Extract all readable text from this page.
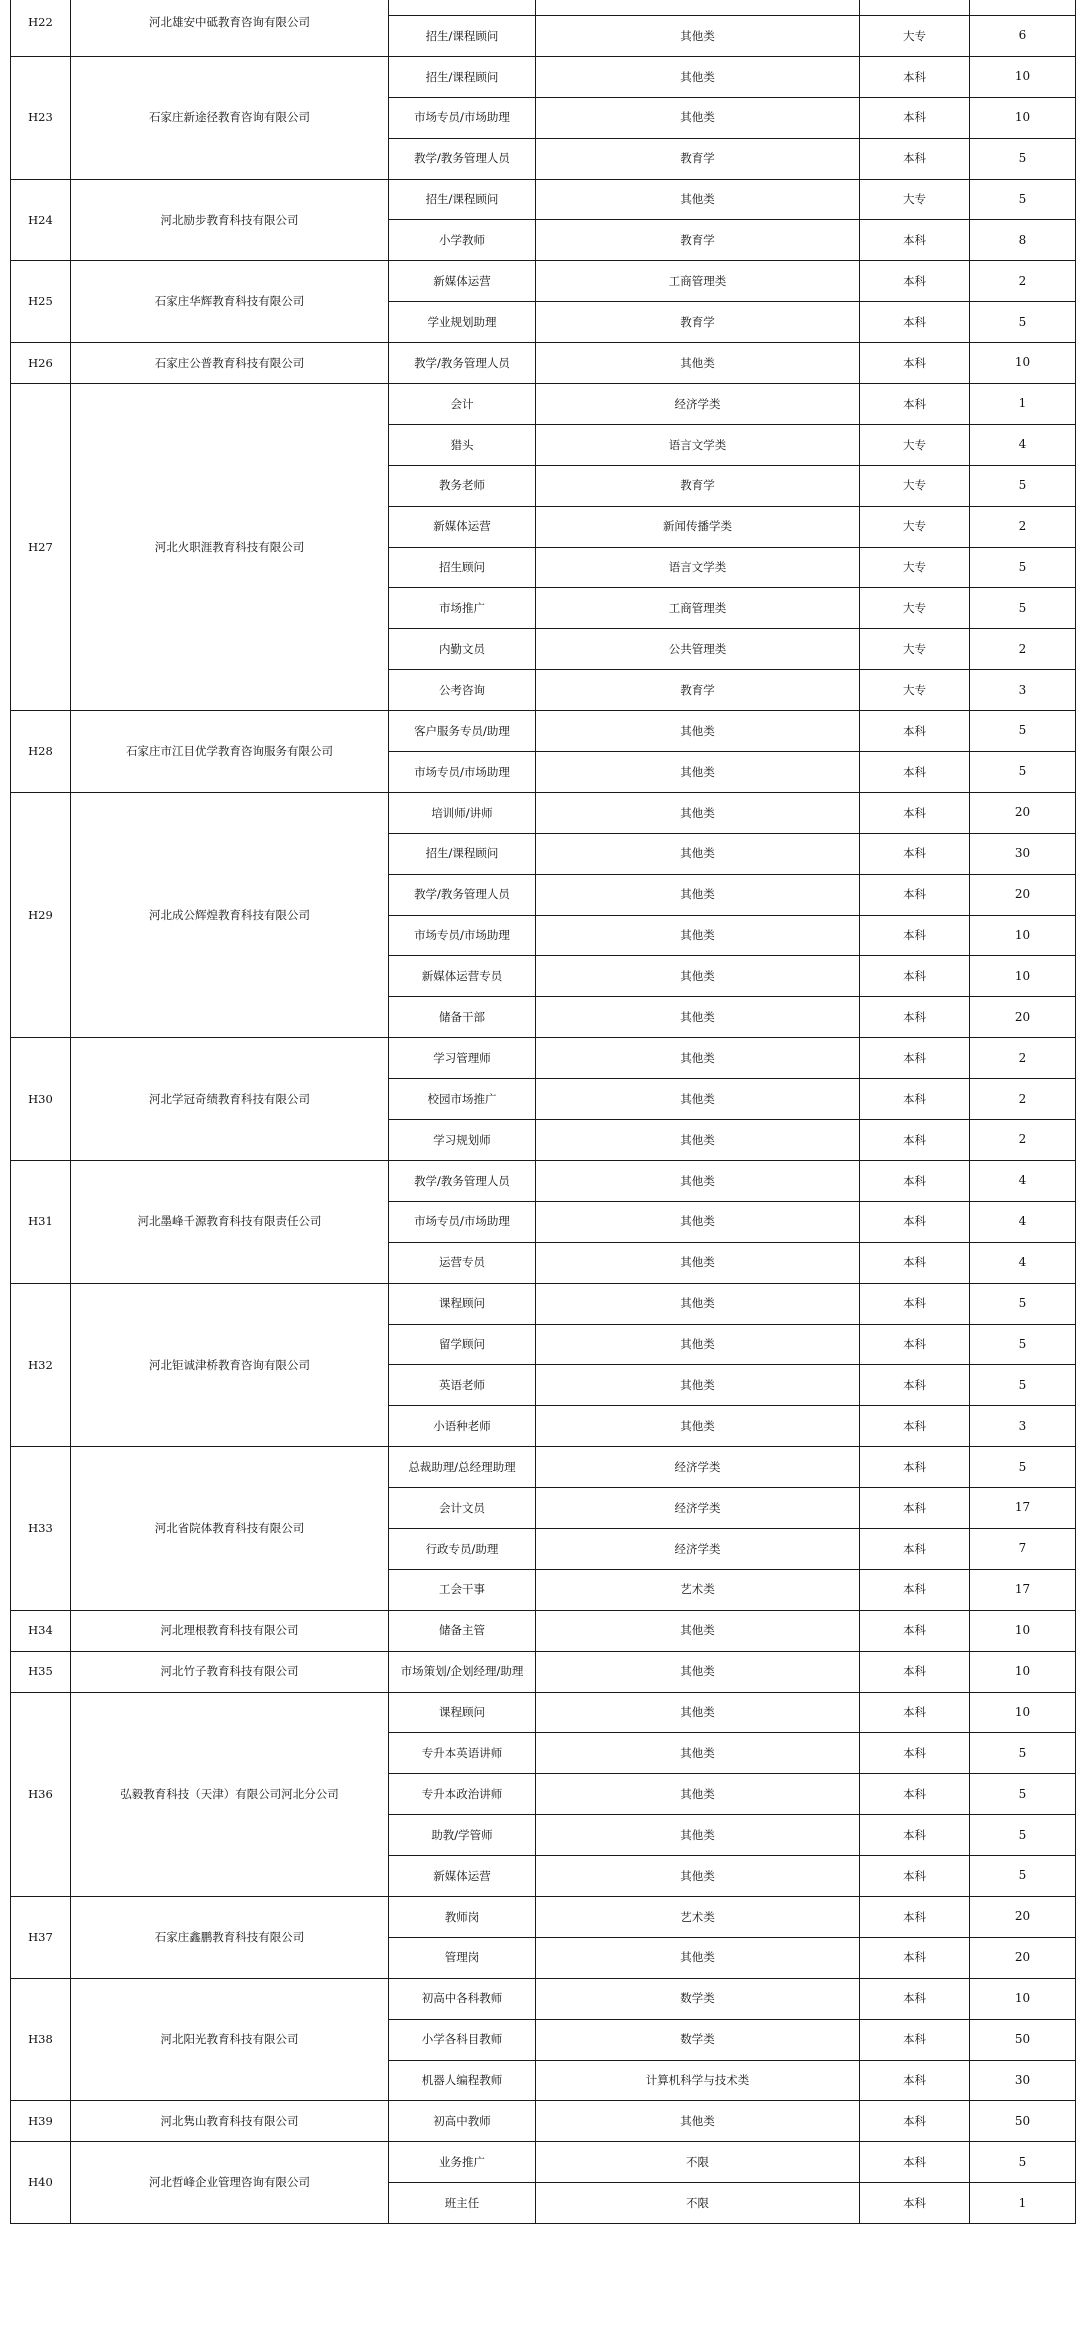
H22	河北雄安中砥教育咨询有限公司				
		招生/课程顾问	其他类	大专	6
H23	石家庄新途径教育咨询有限公司	招生/课程顾问	其他类	本科	10
		市场专员/市场助理	其他类	本科	10
		教学/教务管理人员	教育学	本科	5
H24	河北励步教育科技有限公司	招生/课程顾问	其他类	大专	5
		小学教师	教育学	本科	8
H25	石家庄华辉教育科技有限公司	新媒体运营	工商管理类	本科	2
		学业规划助理	教育学	本科	5
H26	石家庄公普教育科技有限公司	教学/教务管理人员	其他类	本科	10
H27	河北火职涯教育科技有限公司	会计	经济学类	本科	1
		猎头	语言文学类	大专	4
		教务老师	教育学	大专	5
		新媒体运营	新闻传播学类	大专	2
		招生顾问	语言文学类	大专	5
		市场推广	工商管理类	大专	5
		内勤文员	公共管理类	大专	2
		公考咨询	教育学	大专	3
H28	石家庄市江目优学教育咨询服务有限公司	客户服务专员/助理	其他类	本科	5
		市场专员/市场助理	其他类	本科	5
H29	河北成公辉煌教育科技有限公司	培训师/讲师	其他类	本科	20
		招生/课程顾问	其他类	本科	30
		教学/教务管理人员	其他类	本科	20
		市场专员/市场助理	其他类	本科	10
		新媒体运营专员	其他类	本科	10
		储备干部	其他类	本科	20
H30	河北学冠奇绩教育科技有限公司	学习管理师	其他类	本科	2
		校园市场推广	其他类	本科	2
		学习规划师	其他类	本科	2
H31	河北墨峰千源教育科技有限责任公司	教学/教务管理人员	其他类	本科	4
		市场专员/市场助理	其他类	本科	4
		运营专员	其他类	本科	4
H32	河北钜诚津桥教育咨询有限公司	课程顾问	其他类	本科	5
		留学顾问	其他类	本科	5
		英语老师	其他类	本科	5
		小语种老师	其他类	本科	3
H33	河北省院体教育科技有限公司	总裁助理/总经理助理	经济学类	本科	5
		会计文员	经济学类	本科	17
		行政专员/助理	经济学类	本科	7
		工会干事	艺术类	本科	17
H34	河北理根教育科技有限公司	储备主管	其他类	本科	10
H35	河北竹子教育科技有限公司	市场策划/企划经理/助理	其他类	本科	10
H36	弘毅教育科技（天津）有限公司河北分公司	课程顾问	其他类	本科	10
		专升本英语讲师	其他类	本科	5
		专升本政治讲师	其他类	本科	5
		助教/学管师	其他类	本科	5
		新媒体运营	其他类	本科	5
H37	石家庄鑫鹏教育科技有限公司	教师岗	艺术类	本科	20
		管理岗	其他类	本科	20
H38	河北阳光教育科技有限公司	初高中各科教师	数学类	本科	10
		小学各科目教师	数学类	本科	50
		机器人编程教师	计算机科学与技术类	本科	30
H39	河北隽山教育科技有限公司	初高中教师	其他类	本科	50
H40	河北哲峰企业管理咨询有限公司	业务推广	不限	本科	5
		班主任	不限	本科	1
